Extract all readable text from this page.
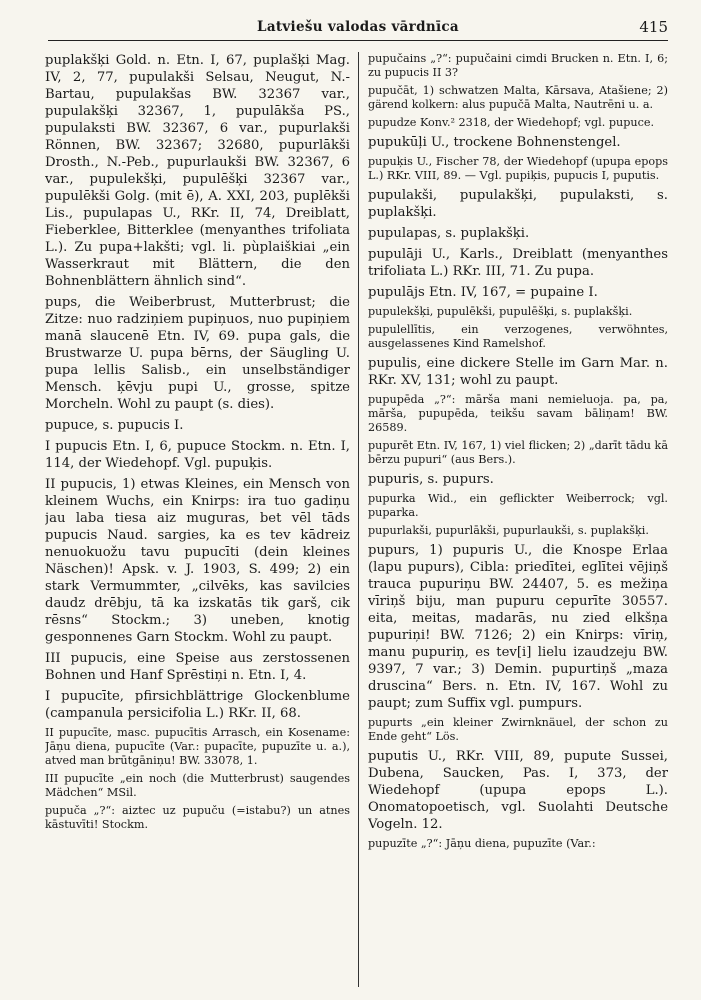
Latviešu valodas vārdnīca	415
puplakšķi Gold. n. Etn. I, 67, puplašķi Mag. IV, 2, 77, pupulakši Selsau, Neugut, N.-Bartau, pupulakšas BW. 32367 var., pupulakšķi 32367, 1, pupulākša PS., pupulaksti BW. 32367, 6 var., pupurlakši Rönnen, BW. 32367; 32680, pupurlākši Drosth., N.-Peb., pupurlaukši BW. 32367, 6 var., pupulekšķi, pupulēšķi 32367 var., pupulēkši Golg. (mit ē), A. XXI, 203, puplēkši Lis., pupulapas U., RKr. II, 74, Dreiblatt, Fieberklee, Bitterklee (menyanthes trifoliata L.). Zu pupa+lakšti; vgl. li. pùplaiškiai „ein Wasserkraut mit Blättern, die den Bohnenblättern ähnlich sind“.
pups, die Weiberbrust, Mutterbrust; die Zitze: nuo radziņiem pupiņuos, nuo pupiņiem manā slaucenē Etn. IV, 69. pupa gals, die Brustwarze U. pupa bērns, der Säugling U. pupa lellis Salisb., ein unselbständiger Mensch. ķēvju pupi U., grosse, spitze Morcheln. Wohl zu paupt (s. dies).
pupuce, s. pupucis I.
I pupucis Etn. I, 6, pupuce Stockm. n. Etn. I, 114, der Wiedehopf. Vgl. pupuķis.
II pupucis, 1) etwas Kleines, ein Mensch von kleinem Wuchs, ein Knirps: ira tuo gadiņu jau laba tiesa aiz muguras, bet vēl tāds pupucis Naud. sargies, ka es tev kādreiz nenuokuožu tavu pupucīti (dein kleines Näschen)! Apsk. v. J. 1903, S. 499; 2) ein stark Vermummter, „cilvēks, kas savilcies daudz drēbju, tā ka izskatās tik garš, cik rēsns“ Stockm.; 3) uneben, knotig gesponnenes Garn Stockm. Wohl zu paupt.
III pupucis, eine Speise aus zerstossenen Bohnen und Hanf Sprēstiņi n. Etn. I, 4.
I pupucīte, pfirsichblättrige Glockenblume (campanula persicifolia L.) RKr. II, 68.
II pupucīte, masc. pupucītis Arrasch, ein Kosename: Jāņu diena, pupucīte (Var.: pupacīte, pupuzīte u. a.), atved man brūtgāniņu! BW. 33078, 1.
III pupucīte „ein noch (die Mutterbrust) saugendes Mädchen“ MSil.
pupuča „?“: aiztec uz pupuču (=istabu?) un atnes kāstuvīti! Stockm.
pupučains „?“: pupučaini cimdi Brucken n. Etn. I, 6; zu pupucis II 3?
pupučāt, 1) schwatzen Malta, Kārsava, Atašiene; 2) gärend kolkern: alus pupučā Malta, Nautrēni u. a.
pupudze Konv.² 2318, der Wiedehopf; vgl. pupuce.
pupukūļi U., trockene Bohnenstengel.
pupuķis U., Fischer 78, der Wiedehopf (upupa epops L.) RKr. VIII, 89. — Vgl. pupiķis, pupucis I, puputis.
pupulakši, pupulakšķi, pupulaksti, s. puplakšķi.
pupulapas, s. puplakšķi.
pupulāji U., Karls., Dreiblatt (menyanthes trifoliata L.) RKr. III, 71. Zu pupa.
pupulājs Etn. IV, 167, = pupaine I.
pupulekšķi, pupulēkši, pupulēšķi, s. puplakšķi.
pupulellītis, ein verzogenes, verwöhntes, ausgelassenes Kind Ramelshof.
pupulis, eine dickere Stelle im Garn Mar. n. RKr. XV, 131; wohl zu paupt.
pupupēda „?“: māršа mani nemieluoja. pa, pa, mārša, pupupēda, teikšu savam bāliņam! BW. 26589.
pupurēt Etn. IV, 167, 1) viel flicken; 2) „darīt tādu kā bērzu pupuri“ (aus Bers.).
pupuris, s. pupurs.
pupurka Wid., ein geflickter Weiberrock; vgl. puparka.
pupurlakši, pupurlākši, pupurlaukši, s. puplakšķi.
pupurs, 1) pupuris U., die Knospe Erlaa (lapu pupurs), Cibla: priedītei, eglītei vējiņš trauca pupuriņu BW. 24407, 5. es mežiņa vīriņš biju, man pupuru cepurīte 30557. eita, meitas, madarās, nu zied elkšņa pupuriņi! BW. 7126; 2) ein Knirps: vīriņ, manu pupuriņ, es tev[i] lielu izaudzeju BW. 9397, 7 var.; 3) Demin. pupurtiņš „maza druscina“ Bers. n. Etn. IV, 167. Wohl zu paupt; zum Suffix vgl. pumpurs.
pupurts „ein kleiner Zwirnknäuel, der schon zu Ende geht“ Lös.
puputis U., RKr. VIII, 89, pupute Sussei, Dubena, Saucken, Pas. I, 373, der Wiedehopf (upupa epops L.). Onomatopoetisch, vgl. Suolahti Deutsche Vogeln. 12.
pupuzīte „?“: Jāņu diena, pupuzīte (Var.:
